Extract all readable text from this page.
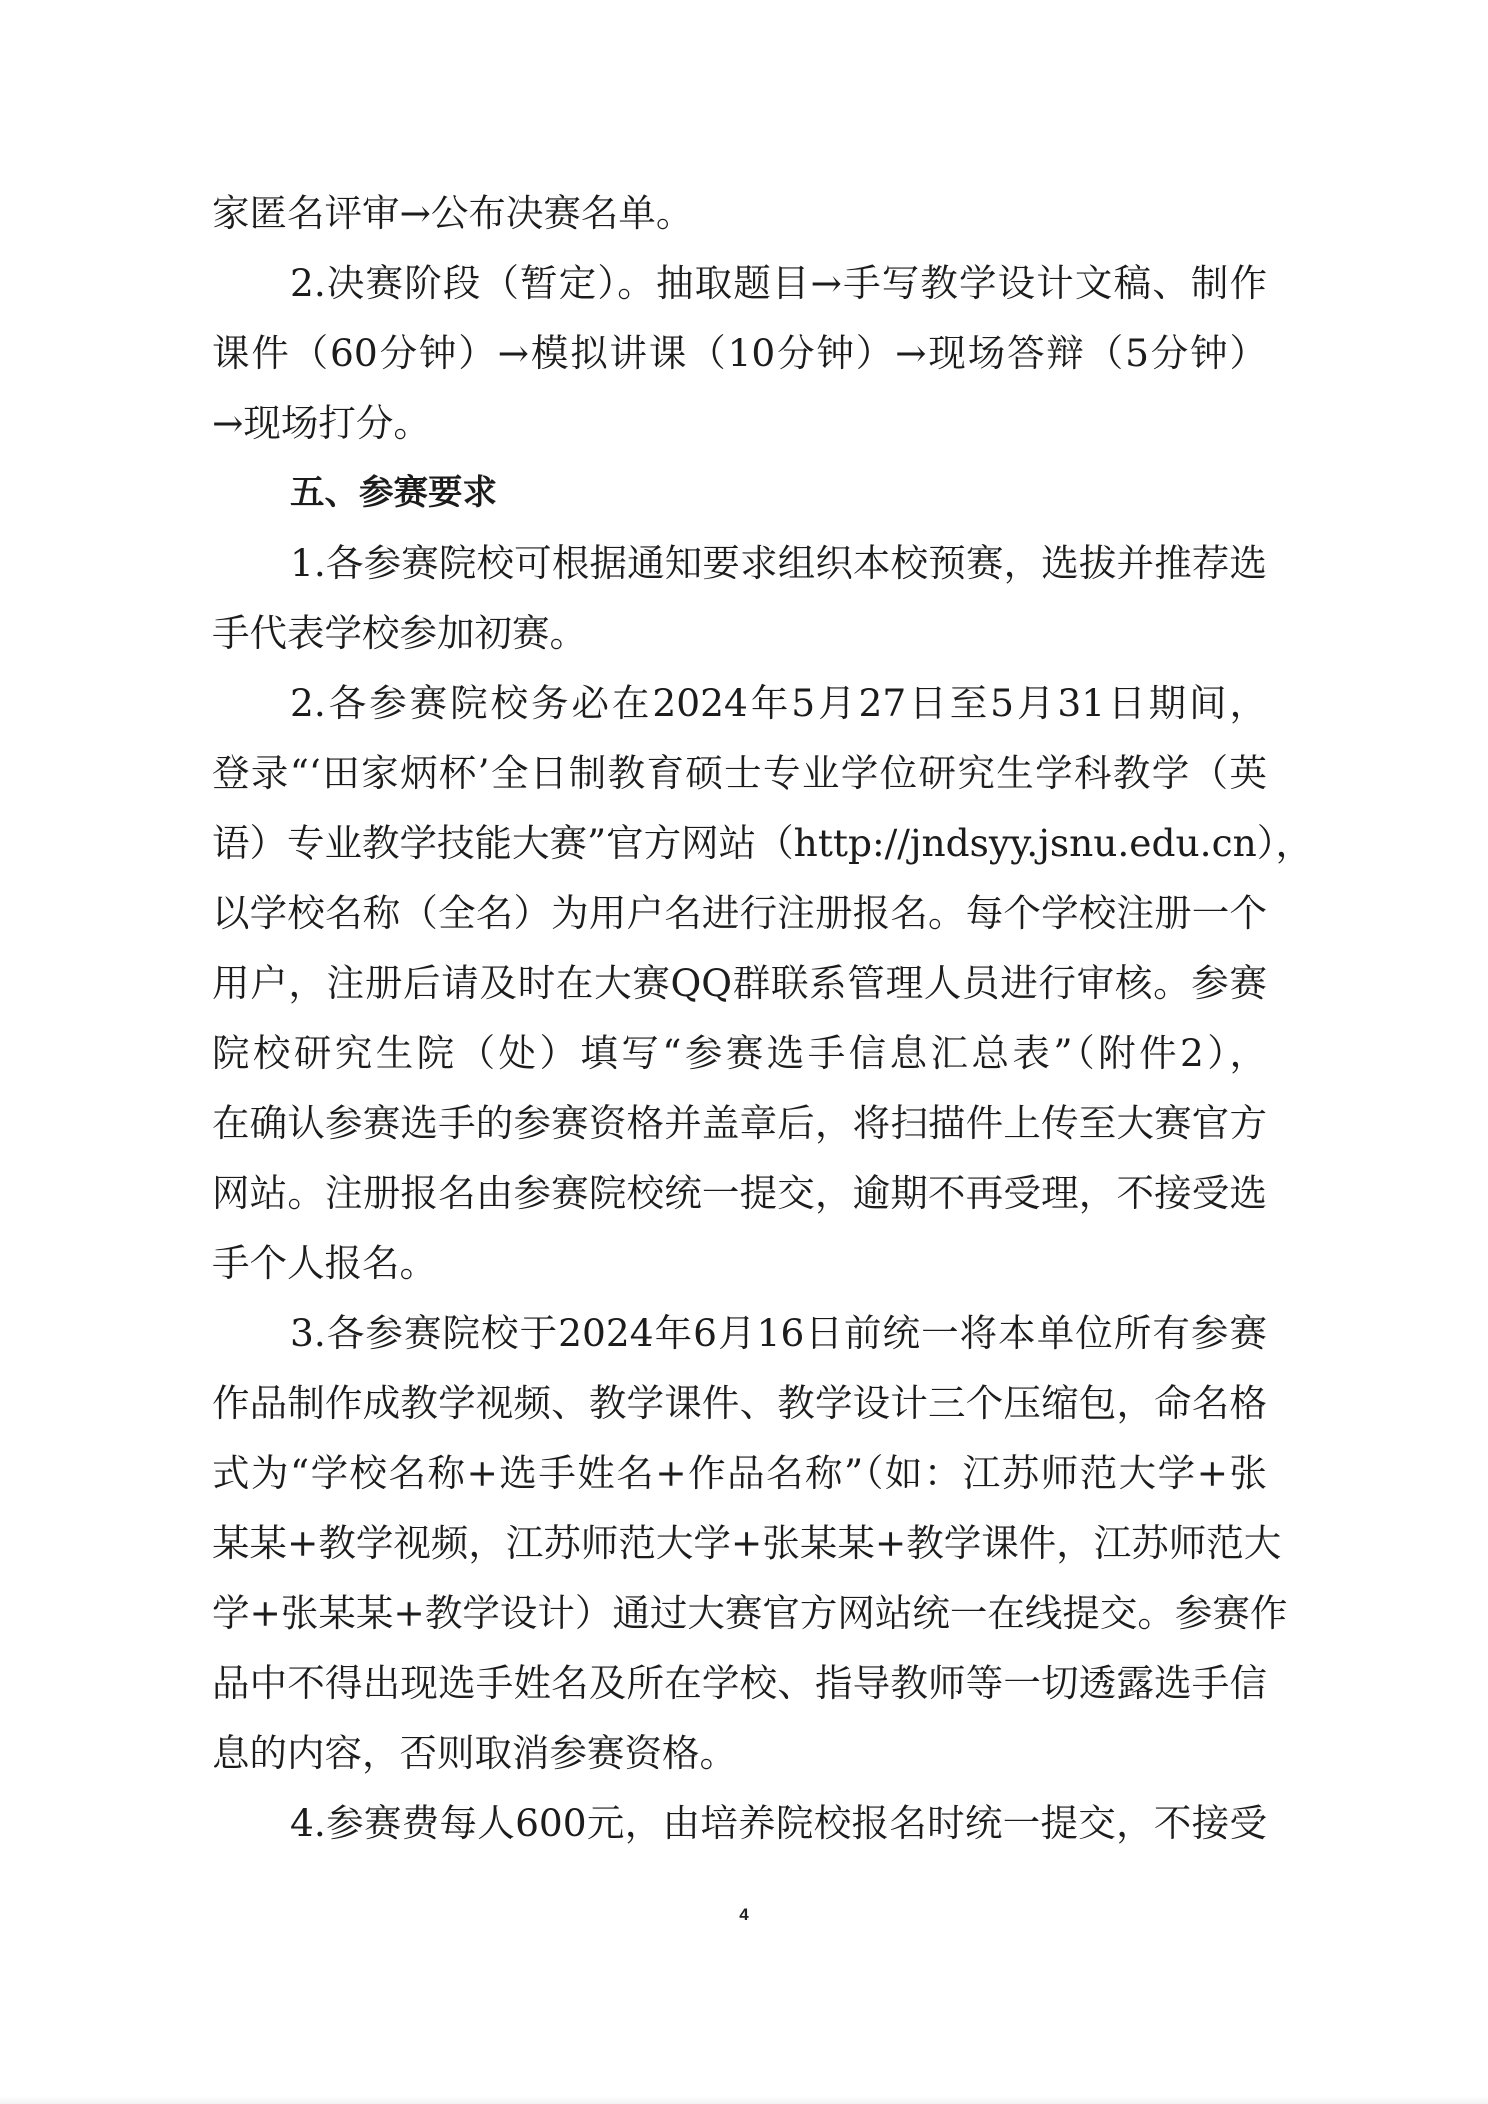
家匿名评审→公布决赛名单。
2.决赛阶段（暂定）。抽取题目→手写教学设计文稿、制作
课件（60分钟）→模拟讲课（10分钟）→现场答辩（5分钟）
→现场打分。
五、参赛要求
1.各参赛院校可根据通知要求组织本校预赛，选拔并推荐选
手代表学校参加初赛。
2.各参赛院校务必在2024年5月27日至5月31日期间，
登录“‘田家炳杯’全日制教育硕士专业学位研究生学科教学（英
语）专业教学技能大赛”官方网站（http://jndsyy.jsnu.edu.cn），
以学校名称（全名）为用户名进行注册报名。每个学校注册一个
用户，注册后请及时在大赛QQ群联系管理人员进行审核。参赛
院校研究生院（处）填写“参赛选手信息汇总表”（附件2），
在确认参赛选手的参赛资格并盖章后，将扫描件上传至大赛官方
网站。注册报名由参赛院校统一提交，逾期不再受理，不接受选
手个人报名。
3.各参赛院校于2024年6月16日前统一将本单位所有参赛
作品制作成教学视频、教学课件、教学设计三个压缩包，命名格
式为“学校名称+选手姓名+作品名称”（如：江苏师范大学+张
某某+教学视频，江苏师范大学+张某某+教学课件，江苏师范大
学+张某某+教学设计）通过大赛官方网站统一在线提交。参赛作
品中不得出现选手姓名及所在学校、指导教师等一切透露选手信
息的内容，否则取消参赛资格。
4.参赛费每人600元，由培养院校报名时统一提交，不接受
4
